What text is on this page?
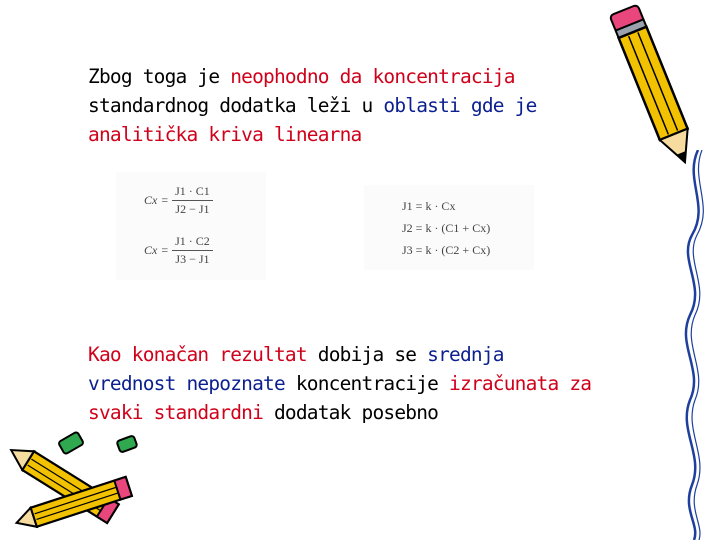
Zbog toga je neophodno da koncentracija
standardnog dodatka leži u oblasti gde je
analitička kriva linearna
$Cx = \frac{J1 \cdot C1}{J2 - J1}$
$Cx = \frac{J1 \cdot C2}{J3 - J1}$
J1 = k · Cx
J2 = k · (C1 + Cx)
J3 = k · (C2 + Cx)
Kao konačan rezultat dobija se srednja
vrednost nepoznate koncentracije izračunata za
svaki standardni dodatak posebno
